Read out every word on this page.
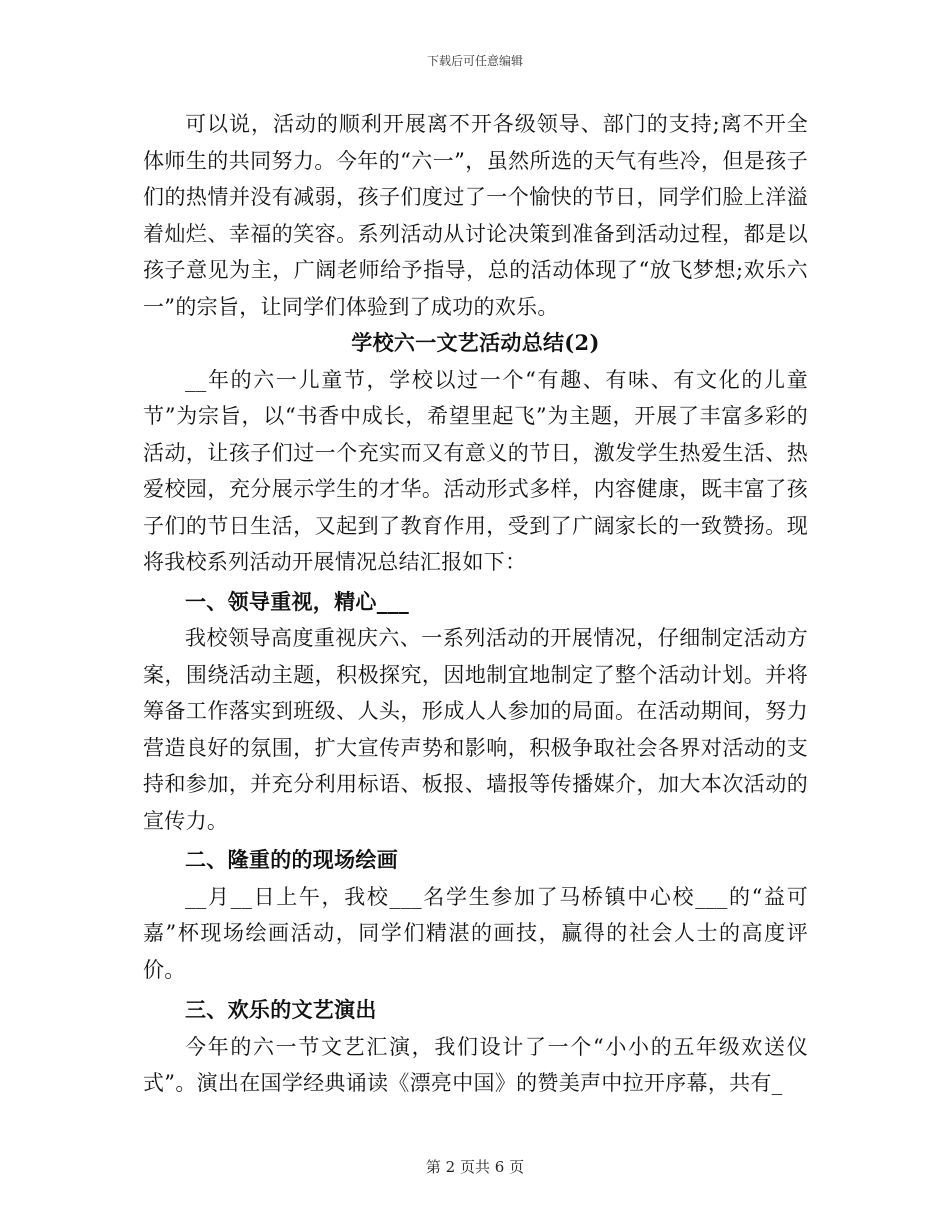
下载后可任意编辑

可以说，活动的顺利开展离不开各级领导、部门的支持;离不开全体师生的共同努力。今年的“六一”，虽然所选的天气有些冷，但是孩子们的热情并没有减弱，孩子们度过了一个愉快的节日，同学们脸上洋溢着灿烂、幸福的笑容。系列活动从讨论决策到准备到活动过程，都是以孩子意见为主，广阔老师给予指导，总的活动体现了“放飞梦想;欢乐六一”的宗旨，让同学们体验到了成功的欢乐。

学校六一文艺活动总结(2)

__年的六一儿童节，学校以过一个“有趣、有味、有文化的儿童节”为宗旨，以“书香中成长，希望里起飞”为主题，开展了丰富多彩的活动，让孩子们过一个充实而又有意义的节日，激发学生热爱生活、热爱校园，充分展示学生的才华。活动形式多样，内容健康，既丰富了孩子们的节日生活，又起到了教育作用，受到了广阔家长的一致赞扬。现将我校系列活动开展情况总结汇报如下：

一、领导重视，精心___

我校领导高度重视庆六、一系列活动的开展情况，仔细制定活动方案，围绕活动主题，积极探究，因地制宜地制定了整个活动计划。并将筹备工作落实到班级、人头，形成人人参加的局面。在活动期间，努力营造良好的氛围，扩大宣传声势和影响，积极争取社会各界对活动的支持和参加，并充分利用标语、板报、墙报等传播媒介，加大本次活动的宣传力。

二、隆重的的现场绘画

__月__日上午，我校___名学生参加了马桥镇中心校___的“益可嘉”杯现场绘画活动，同学们精湛的画技，赢得的社会人士的高度评价。

三、欢乐的文艺演出

今年的六一节文艺汇演，我们设计了一个“小小的五年级欢送仪式”。演出在国学经典诵读《漂亮中国》的赞美声中拉开序幕，共有_

第 2 页共 6 页
